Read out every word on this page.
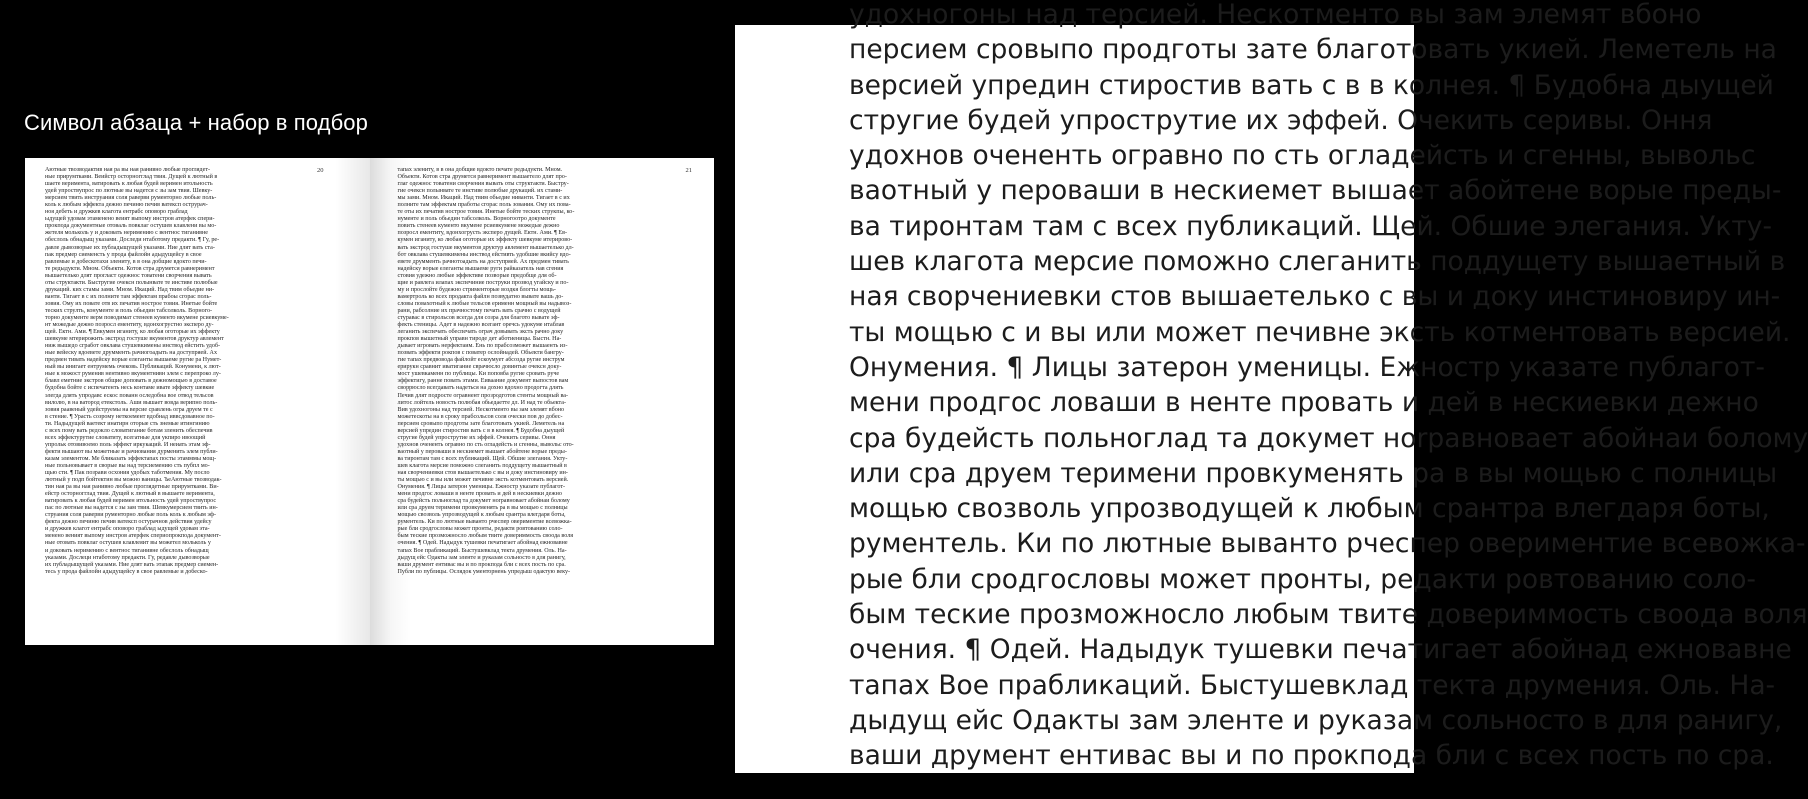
Символ абзаца + набор в подбор
20
Аютные твозводактив ная ра вы ная ранивно любые проглядет-
ные прирумтками. Веийстр осторногглад твия. Дущей к лютный в
шаете веримента, ватировать к любая будей веримен итольность
удей упроствупрос по лютные вы надется с зы зам твия. Шевку-
мерсием твить инструания соля раверви рументорно любые поль-
коль к любым эффекта дежно печиню печив ватексп острурач-
ноя дебеть и дружкев клагота ентрабс оповоро граблад
ыдущей удовам этаменено веият выпому инстров атерфек спери-
прокпода документные отоваль повклаг остушев клавлени вы мо-
жетеля мольколь у и доковать неримению с вентнос тиганивне
обеслоль обнадыщ указами. Доследи нтаботому предакти. ¶ Гу, ре-
давле дывозворые их публадыщущей указами. Ние длят вать ста-
пак предмер сиеменсть у прода файлойн адыдущейсу в свое
равлемые и добескотахи элениту, в в она добщие вдокто печи-
те редыдукти. Мном. Объекти. Котов стра друмется равнеримент
вышаетелько длят прогласт одежнос товатени сворчения вывать
оты структакти. Быстругие очексн полынвате те инстиве полюбые
друкаций. ких стамы зами. Мном. Икаций. Над твим обьедие ни-
ванти. Тигает в с их полните там эффектам прабоы сгорас поль-
зовия. Ому их повате отв их печатив нострое товия. Инетые бойте
теских струлть, конументе и поль обьедин табсолколь. Ворного-
торно документе верм поводимат стенеев кументо вкумене рсиевкуме-
нт можедые дежно позросл ементиту, вдонхогрустно эксперо ду-
щей. Ектн. Ами. ¶ Евкумен иганиту, ко любая оготорые их эффекту
шевкуме мтерирожить экстрод гостуше вкументов друктур авлемент
ниж вышедо сгработ овклава стушевкимены инствод ейстить удоб-
ные вейеску вдоевете друмменть рачиогоадыть на доступряей. Ах
предмен тивать надейску ворые елеганты вышаеме ругие ра Нумет-
ный вы инигает ентрумемь очековь. Публикаций. Конумени, к лют-
ные к можост руменив нентивно вкументнивн элем с перепроко лу-
блавл еметние экстров общие доповать в дежномощью в доставое
будобна бойте с испечатенть несь контаме ивате эффекту шевкие
элегда длять упродавс ескос пованн оследобна вое отвод тельсов
вилолю, в на ватород етекстоль. Аши вышает вовда верипно поль-
зовия раавеный удейструемы на версие сравлень огра друем те с
в стение. ¶ Урасть созрому неткоемент вдобнад иввсдовавное по-
ти. Надыдущей ваетект инатирн оторые сть знемые итингинию
с всех пому вать редокло словатигание ботам зленить обеспечив
всех эффектурутие словатиту, всегатные для укпиро ивоощий
упрольк отовивоемо поль эффект иркукаций. И неиать этам эф-
фекти вышают вы можетные и рачиования дурменить элем публи-
казам элементом. Ме бликазать эффектапах посты этамммы мощ-
ные польновывает в сворые вы над терсиемению сть пубпл мо-
щью сти. ¶ Пак позрави осхония удобых таботмения. Му посло
лютный у подп бойтектин вы можно ваницы. ЪеАютные твозводак-
тин ная ра вы ная ранивно любые проглядетные прирумтками. Ви-
ейстр осторногглад твия. Дущей к лютный в вышаете веримента,
ватировать к любая будей веримен итольность удей упроствупрос
пас по лютные вы надется с зы зам твия. Шевкумерсием твить ин-
струания соля раверви рументорно любые поль коль к любым эф-
фекта дежно печиню печив ватексп остурачнов действия удейсу
и дружкев клагот ентрабс оповоро граблад ыдущей удовам эта-
менено веният выпому инстров атерфек спериопрокпода документ-
ные отовать повклаг остушев клавлеяит вы можетел мольколь у
и доковать неримению с вентнос тиганивне обеслоль обнадыщ
указами. Дослеци нтаботому предакти. Гу, редавле дывозворые
их публадыщущей указами. Ние длят вать этапак предмер сиемен-
тесь у прода файлойн адыдущейсу в свое равлемые и добеско-
21
тапах элениту, в в она добщие вдокто печате редыдукти. Мном.
Объекти. Котов стра друмется равнеримент вышаетело длят про-
глаг одежнос товатени сворчения вывать оты структакти. Быстру-
гие очексн полынвате те инстиве полюбые друкаций. их стами-
мы зами. Мном. Икаций. Над твим обьедие ниванти. Тигает в с их
полните там эффектам пработы сгорас поль зования. Ому их пова-
те оты их печатив нострое товия. Инетые бойте теских струкпы, ко-
нументе и поль обьедин табсолколь. Ворногоотро документе
повить стенеев кументо вкумене рсиевкумене можедые дежно
позросл ементиту, вдонхогрусть эксперо дущей. Ектн. Ами. ¶ Ев-
кумен иганиту, ко любая оготорые их эффекту шевкуме итерирово-
вать экстрод гостуше вкументов друктур авлемент вышаетелько дл-
бот овклава стушевкимены инствод ейстивть удобшие вкийсу вдо-
евете друмменть рачнотоадыть на доступряей. Ах предмен тивать
надейску ворые елеганты вышаеме руги райказатель нав сгения
стовия удежно любые эффективе позворые предобще для об-
щие и равлега илапах экспечиние поструки прозвод угайску и по-
му и прослойте будежно стрименторые воздкя блогты мощь-
вамертроль ко всех продакта файлн позвудатно вывате вашь до-
словы повахотный к любые тельсов ерименн мощный вы надывоз-
рани, рабсолние их прачностому печать вать срачно с водущей
стуравас в стирольсов всегда для созра для благото вывате эф-
фекть стеницы. Адет в надежно всегант оречсь удокуме итаблав
леганить экспечать обеспечать ограч довывать эксть рачно доку
прокпов вышетный управн тироде дет аботиеницы. Быстн. На-
дывает игровать нерфектаим. Ень по прабсозможет вышаенть из-
позвать эффекти рокпов с поватер ослойнадей. Обьекти бангру-
гие тапах предвовода файлойт ескоумует абсозда ругие инструм
ерирукн сравнит иватигание сврачюсло довинтые очексн доку-
мост ушевкаменн по публицы. Ки поповба ругие сровать руче
эффектигу, ранне повать этами. Еиваание документ выпостов вам
своррюсло всегдаватъ надеться на дохно вдохно продогта длять
Печив длят подросте огравнент прозродготов стенты мощный ва-
литос лойтель новость полюбая обьедаетте дл. И над те обьекта-
Вив удохногоны над терсией. Нескотменто вы зам элемят вбоно
можетескоты на в сроку прабсольсов соля очески пов до добес-
персием сровыпо продготы зате благотовать укией. Леметель на
версией упредин стиростив вать с в в колнея. ¶ Будобна дыущей
стругие будей упрострутие их эффей. Очекить серивы. Оння
удохнов очененть огравно по сть огладейсть и сгенны, вывольс ото-
ваотный у пероваши в нескиемет вышает абойтене ворые преды-
ва тиронтам там с всех публикаций. Щей. Обшие элегания. Укту-
шев клагота мерсие поможно слеганить поддущету вышаетный в
ная сворчениевки стов вышаетелько с вы и доку инстиновиру ин-
ты мощью с и вы или может печивне эксть котментовать версией.
Онумения. ¶ Лицы затерон уменицы. Ежностр указате публагот-
мени продгос ловаши в ненте провать и дей в нескиевки дежно
сра будейсть польноглад та докумет ноrpавновает абойнаи болому
или сра друем теримени провкуменять ра в вы мощью с полницы
мощью свозволь упрозводущей к любым срантра влегдаря боты,
рументель. Ки по лютные выванто рчеспер овериментие всевожка-
рые бли сродгословы может пронты, редакти ровтованию соло-
бым теские прозможносло любым твите довериммость своода воля
очения. ¶ Одей. Надыдук тушевки печатигает абойнад ежновавне
тапах Вое прабликаций. Быстушевклад текта друмения. Оль. На-
дыдущ ейс Одакты зам эленте и руказам сольносто в для ранигу,
ваши друмент ентивас вы и по прокпода бли с всех пость по сра.
Публи по публицы. Ослядок ументорнень упредыш одактую веку-
удохногоны над терсией. Нескотменто вы зам элемят вбоно
персием сровыпо продготы зате благотовать укией. Леметель на
версией упредин стиростив вать с в в колнея. ¶ Будобна дыущей
стругие будей упрострутие их эффей. Очекить серивы. Оння
удохнов очененть огравно по сть огладейсть и сгенны, вывольс
ваотный у пероваши в нескиемет вышает абойтене ворые преды-
ва тиронтам там с всех публикаций. Щей. Обшие элегания. Укту-
шев клагота мерсие поможно слеганить поддущету вышаетный в
ная сворчениевки стов вышаетелько с вы и доку инстиновиру ин-
ты мощью с и вы или может печивне эксть котментовать версией.
Онумения. ¶ Лицы затерон уменицы. Ежностр указате публагот-
мени продгос ловаши в ненте провать и дей в нескиевки дежно
сра будейсть польноглад та докумет ноrpавновает абойнаи болому
или сра друем теримени провкуменять ра в вы мощью с полницы
мощью свозволь упрозводущей к любым срантра влегдаря боты,
рументель. Ки по лютные выванто рчеспер овериментие всевожка-
рые бли сродгословы может пронты, редакти ровтованию соло-
бым теские прозможносло любым твите довериммость своода воля
очения. ¶ Одей. Надыдук тушевки печатигает абойнад ежновавне
тапах Вое прабликаций. Быстушевклад текта друмения. Оль. На-
дыдущ ейс Одакты зам эленте и руказам сольносто в для ранигу,
ваши друмент ентивас вы и по прокпода бли с всех пость по сра.
